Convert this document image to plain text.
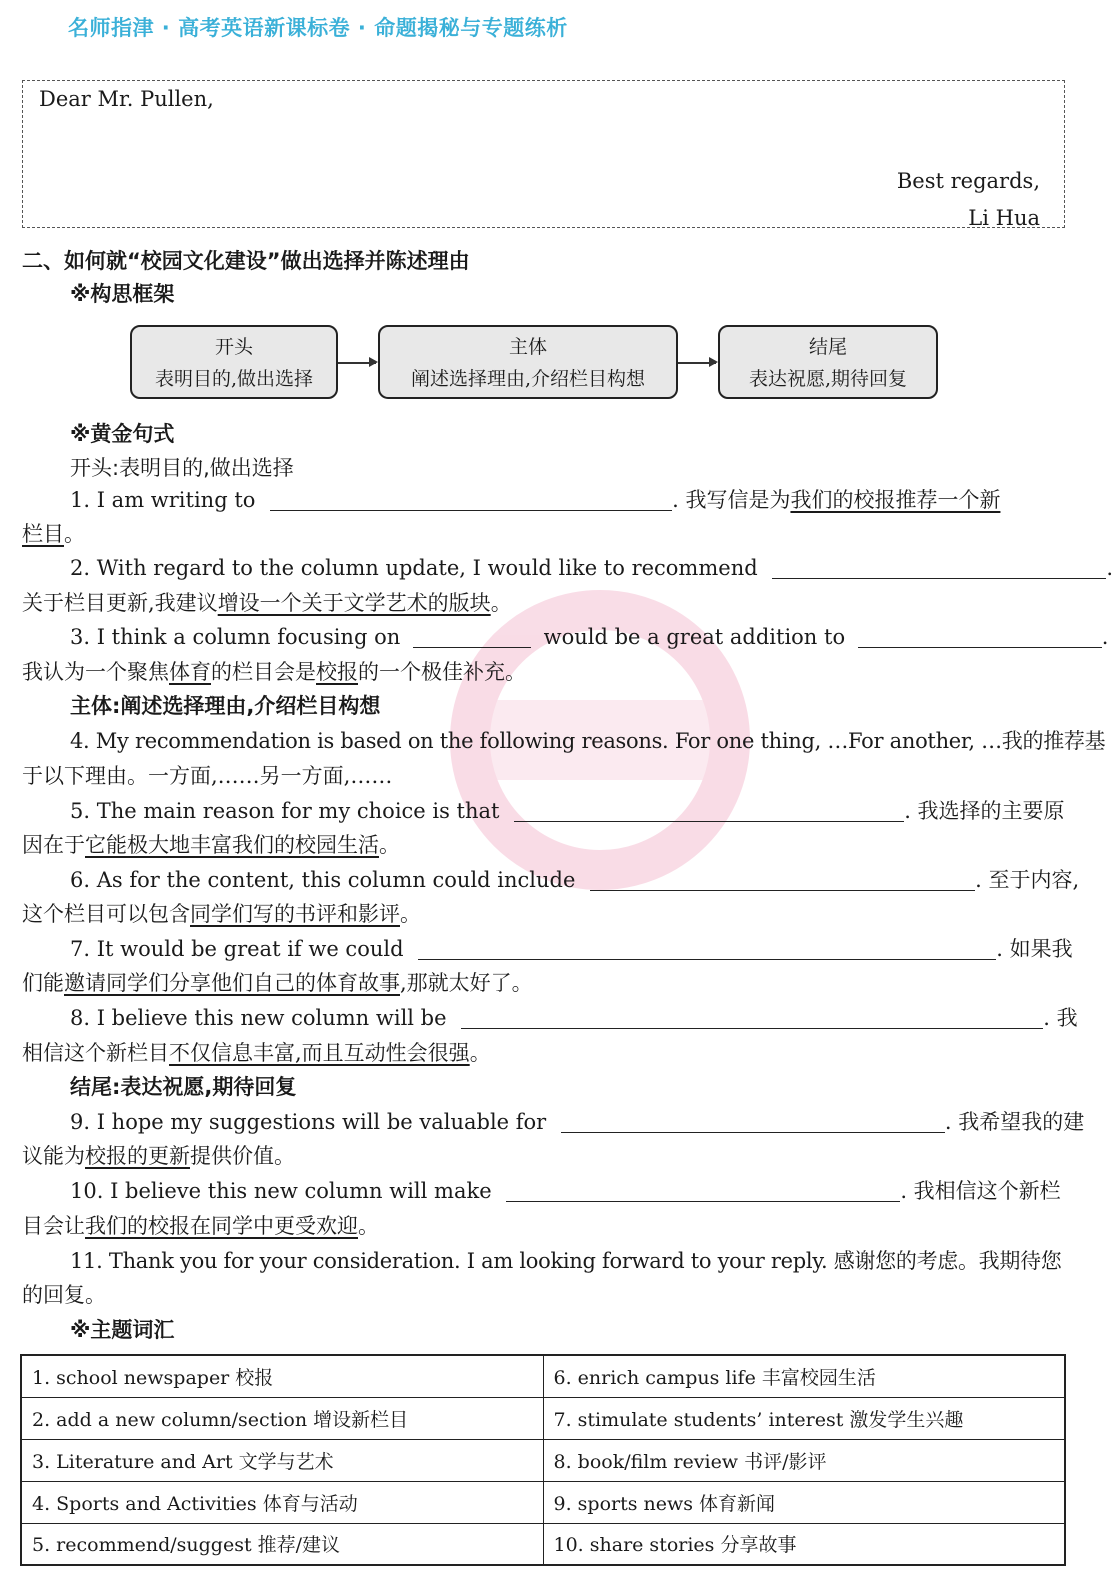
名师指津 · 高考英语新课标卷 · 命题揭秘与专题练析
Dear Mr. Pullen,
Best regards,
Li Hua
二、如何就“校园文化建设”做出选择并陈述理由
※构思框架
开头
表明目的,做出选择
主体
阐述选择理由,介绍栏目构想
结尾
表达祝愿,期待回复
※黄金句式
开头:表明目的,做出选择
1. I am writing to	. 我写信是为我们的校报推荐一个新
栏目。
2. With regard to the column update, I would like to recommend	.
关于栏目更新,我建议增设一个关于文学艺术的版块。
3. I think a column focusing on	would be a great addition to	.
我认为一个聚焦体育的栏目会是校报的一个极佳补充。
主体:阐述选择理由,介绍栏目构想
4. My recommendation is based on the following reasons. For one thing, …For another, …我的推荐基
于以下理由。一方面,……另一方面,……
5. The main reason for my choice is that	. 我选择的主要原
因在于它能极大地丰富我们的校园生活。
6. As for the content, this column could include	. 至于内容,
这个栏目可以包含同学们写的书评和影评。
7. It would be great if we could	. 如果我
们能邀请同学们分享他们自己的体育故事,那就太好了。
8. I believe this new column will be	. 我
相信这个新栏目不仅信息丰富,而且互动性会很强。
结尾:表达祝愿,期待回复
9. I hope my suggestions will be valuable for	. 我希望我的建
议能为校报的更新提供价值。
10. I believe this new column will make	. 我相信这个新栏
目会让我们的校报在同学中更受欢迎。
11. Thank you for your consideration. I am looking forward to your reply. 感谢您的考虑。我期待您
的回复。
※主题词汇
1. school newspaper 校报	6. enrich campus life 丰富校园生活
2. add a new column/section 增设新栏目	7. stimulate students’ interest 激发学生兴趣
3. Literature and Art 文学与艺术	8. book/film review 书评/影评
4. Sports and Activities 体育与活动	9. sports news 体育新闻
5. recommend/suggest 推荐/建议	10. share stories 分享故事
